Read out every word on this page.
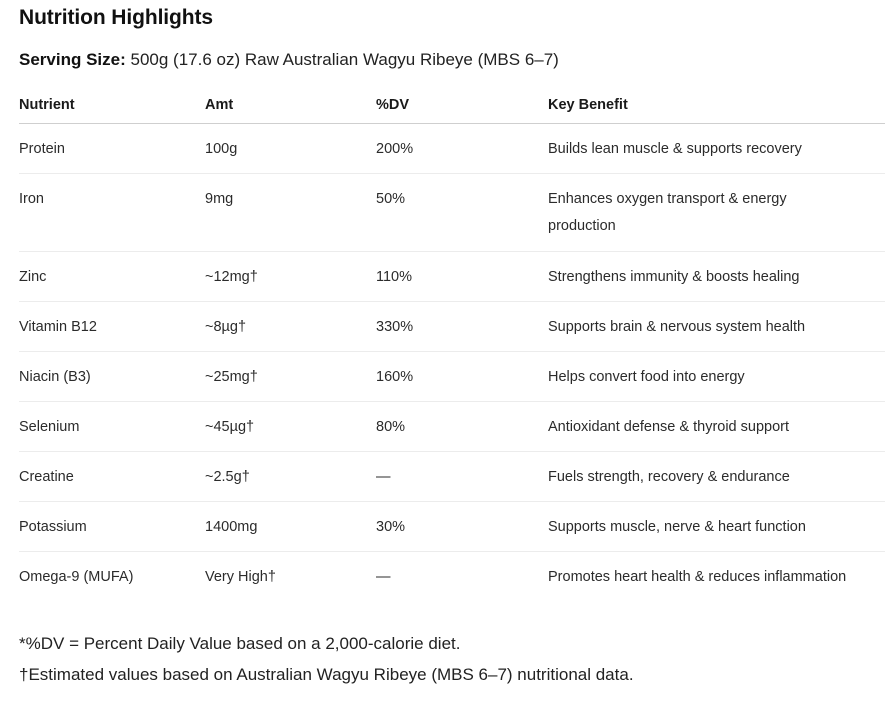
Nutrition Highlights
Serving Size: 500g (17.6 oz) Raw Australian Wagyu Ribeye (MBS 6–7)
Nutrient	Amt	%DV	Key Benefit
Protein	100g	200%	Builds lean muscle & supports recovery
Iron	9mg	50%	Enhances oxygen transport & energy production
Zinc	~12mg†	110%	Strengthens immunity & boosts healing
Vitamin B12	~8µg†	330%	Supports brain & nervous system health
Niacin (B3)	~25mg†	160%	Helps convert food into energy
Selenium	~45µg†	80%	Antioxidant defense & thyroid support
Creatine	~2.5g†	—	Fuels strength, recovery & endurance
Potassium	1400mg	30%	Supports muscle, nerve & heart function
Omega-9 (MUFA)	Very High†	—	Promotes heart health & reduces inflammation

*%DV = Percent Daily Value based on a 2,000-calorie diet.

†Estimated values based on Australian Wagyu Ribeye (MBS 6–7) nutritional data.
